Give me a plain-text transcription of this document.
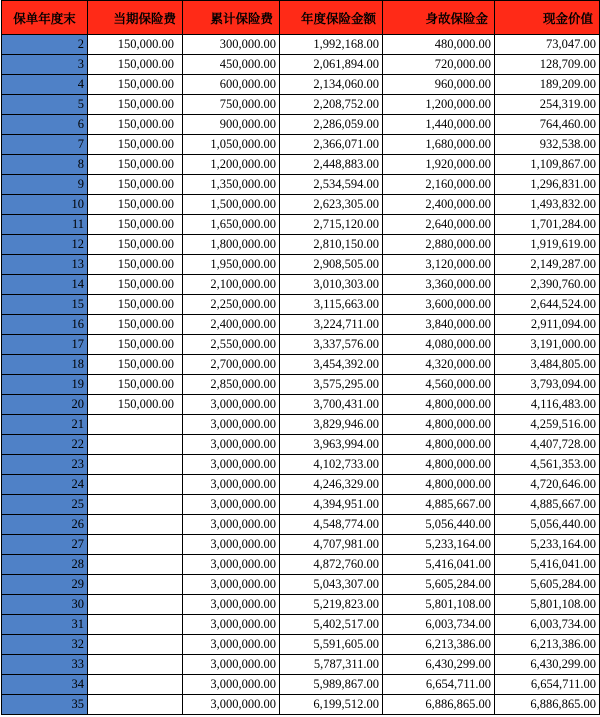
保单年度末	当期保险费	累计保险费	年度保险金额	身故保险金	现金价值
2	150,000.00	300,000.00	1,992,168.00	480,000.00	73,047.00
3	150,000.00	450,000.00	2,061,894.00	720,000.00	128,709.00
4	150,000.00	600,000.00	2,134,060.00	960,000.00	189,209.00
5	150,000.00	750,000.00	2,208,752.00	1,200,000.00	254,319.00
6	150,000.00	900,000.00	2,286,059.00	1,440,000.00	764,460.00
7	150,000.00	1,050,000.00	2,366,071.00	1,680,000.00	932,538.00
8	150,000.00	1,200,000.00	2,448,883.00	1,920,000.00	1,109,867.00
9	150,000.00	1,350,000.00	2,534,594.00	2,160,000.00	1,296,831.00
10	150,000.00	1,500,000.00	2,623,305.00	2,400,000.00	1,493,832.00
11	150,000.00	1,650,000.00	2,715,120.00	2,640,000.00	1,701,284.00
12	150,000.00	1,800,000.00	2,810,150.00	2,880,000.00	1,919,619.00
13	150,000.00	1,950,000.00	2,908,505.00	3,120,000.00	2,149,287.00
14	150,000.00	2,100,000.00	3,010,303.00	3,360,000.00	2,390,760.00
15	150,000.00	2,250,000.00	3,115,663.00	3,600,000.00	2,644,524.00
16	150,000.00	2,400,000.00	3,224,711.00	3,840,000.00	2,911,094.00
17	150,000.00	2,550,000.00	3,337,576.00	4,080,000.00	3,191,000.00
18	150,000.00	2,700,000.00	3,454,392.00	4,320,000.00	3,484,805.00
19	150,000.00	2,850,000.00	3,575,295.00	4,560,000.00	3,793,094.00
20	150,000.00	3,000,000.00	3,700,431.00	4,800,000.00	4,116,483.00
21		3,000,000.00	3,829,946.00	4,800,000.00	4,259,516.00
22		3,000,000.00	3,963,994.00	4,800,000.00	4,407,728.00
23		3,000,000.00	4,102,733.00	4,800,000.00	4,561,353.00
24		3,000,000.00	4,246,329.00	4,800,000.00	4,720,646.00
25		3,000,000.00	4,394,951.00	4,885,667.00	4,885,667.00
26		3,000,000.00	4,548,774.00	5,056,440.00	5,056,440.00
27		3,000,000.00	4,707,981.00	5,233,164.00	5,233,164.00
28		3,000,000.00	4,872,760.00	5,416,041.00	5,416,041.00
29		3,000,000.00	5,043,307.00	5,605,284.00	5,605,284.00
30		3,000,000.00	5,219,823.00	5,801,108.00	5,801,108.00
31		3,000,000.00	5,402,517.00	6,003,734.00	6,003,734.00
32		3,000,000.00	5,591,605.00	6,213,386.00	6,213,386.00
33		3,000,000.00	5,787,311.00	6,430,299.00	6,430,299.00
34		3,000,000.00	5,989,867.00	6,654,711.00	6,654,711.00
35		3,000,000.00	6,199,512.00	6,886,865.00	6,886,865.00
